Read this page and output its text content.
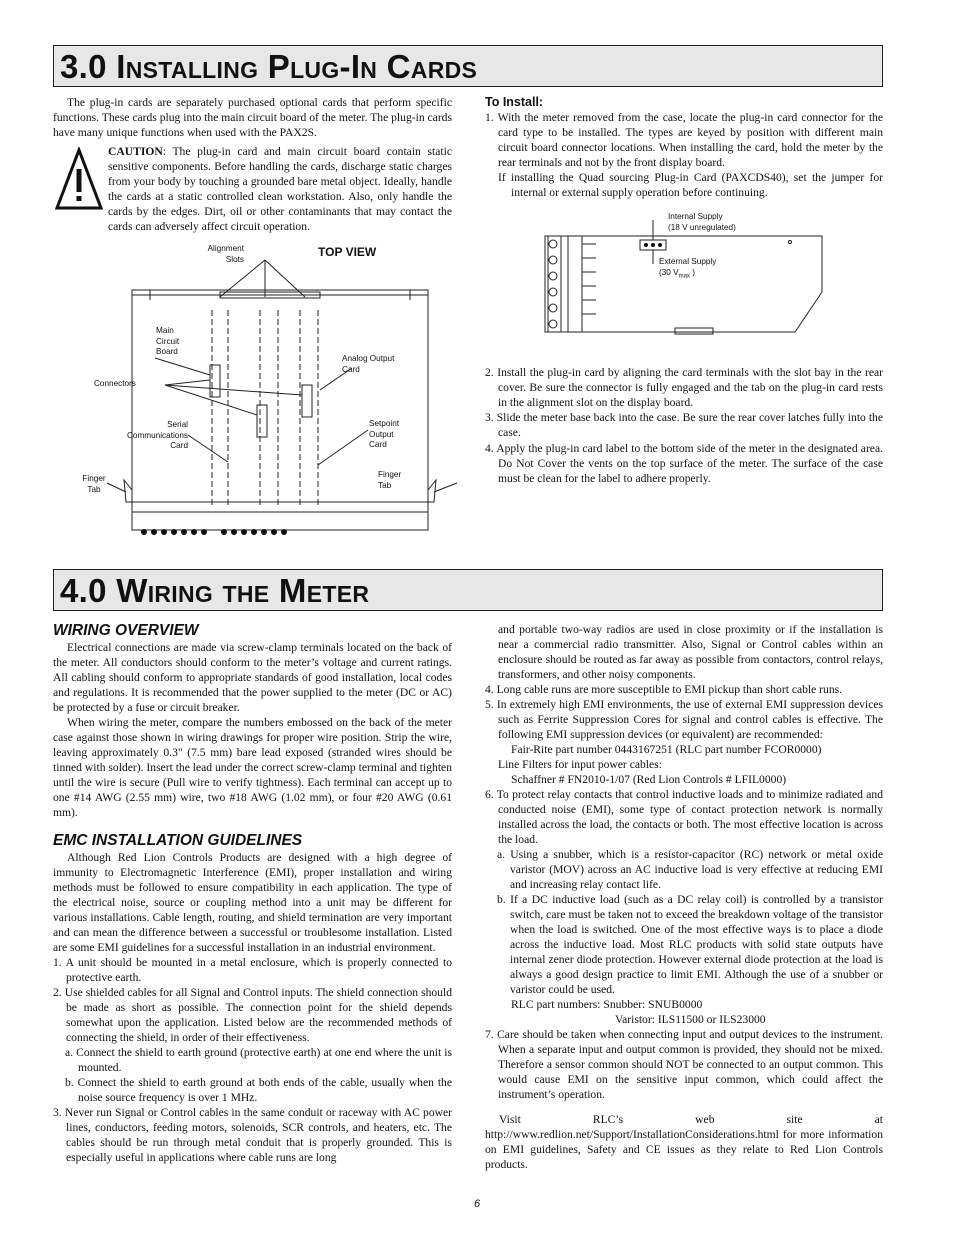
3.0 Installing Plug-In Cards

The plug-in cards are separately purchased optional cards that perform specific functions. These cards plug into the main circuit board of the meter. The plug-in cards have many unique functions when used with the PAX2S.

CAUTION: The plug-in card and main circuit board contain static sensitive components. Before handling the cards, discharge static charges from your body by touching a grounded bare metal object. Ideally, handle the cards at a static controlled clean workstation. Also, only handle the cards by the edges. Dirt, oil or other contaminants that may contact the cards can adversely affect circuit operation.

TOP VIEW
Alignment Slots
Main Circuit Board
Analog Output Card
Connectors
Serial Communications Card
Setpoint Output Card
Finger Tab
Finger Tab

To Install:

1. With the meter removed from the case, locate the plug-in card connector for the card type to be installed. The types are keyed by position with different main circuit board connector locations. When installing the card, hold the meter by the rear terminals and not by the front display board.

If installing the Quad sourcing Plug-in Card (PAXCDS40), set the jumper for internal or external supply operation before continuing.

Internal Supply
(18 V unregulated)
External Supply
(30 $V_{max}$ )

2. Install the plug-in card by aligning the card terminals with the slot bay in the rear cover. Be sure the connector is fully engaged and the tab on the plug-in card rests in the alignment slot on the display board.

3. Slide the meter base back into the case. Be sure the rear cover latches fully into the case.

4. Apply the plug-in card label to the bottom side of the meter in the designated area. Do Not Cover the vents on the top surface of the meter. The surface of the case must be clean for the label to adhere properly.

4.0 Wiring the Meter

WIRING OVERVIEW

Electrical connections are made via screw-clamp terminals located on the back of the meter. All conductors should conform to the meter’s voltage and current ratings. All cabling should conform to appropriate standards of good installation, local codes and regulations. It is recommended that the power supplied to the meter (DC or AC) be protected by a fuse or circuit breaker.

When wiring the meter, compare the numbers embossed on the back of the meter case against those shown in wiring drawings for proper wire position. Strip the wire, leaving approximately 0.3" (7.5 mm) bare lead exposed (stranded wires should be tinned with solder). Insert the lead under the correct screw-clamp terminal and tighten until the wire is secure (Pull wire to verify tightness). Each terminal can accept up to one #14 AWG (2.55 mm) wire, two #18 AWG (1.02 mm), or four #20 AWG (0.61 mm).

EMC INSTALLATION GUIDELINES

Although Red Lion Controls Products are designed with a high degree of immunity to Electromagnetic Interference (EMI), proper installation and wiring methods must be followed to ensure compatibility in each application. The type of the electrical noise, source or coupling method into a unit may be different for various installations. Cable length, routing, and shield termination are very important and can mean the difference between a successful or troublesome installation. Listed are some EMI guidelines for a successful installation in an industrial environment.

1. A unit should be mounted in a metal enclosure, which is properly connected to protective earth.

2. Use shielded cables for all Signal and Control inputs. The shield connection should be made as short as possible. The connection point for the shield depends somewhat upon the application. Listed below are the recommended methods of connecting the shield, in order of their effectiveness.

a. Connect the shield to earth ground (protective earth) at one end where the unit is mounted.

b. Connect the shield to earth ground at both ends of the cable, usually when the noise source frequency is over 1 MHz.

3. Never run Signal or Control cables in the same conduit or raceway with AC power lines, conductors, feeding motors, solenoids, SCR controls, and heaters, etc. The cables should be run through metal conduit that is properly grounded. This is especially useful in applications where cable runs are long

and portable two-way radios are used in close proximity or if the installation is near a commercial radio transmitter. Also, Signal or Control cables within an enclosure should be routed as far away as possible from contactors, control relays, transformers, and other noisy components.

4. Long cable runs are more susceptible to EMI pickup than short cable runs.

5. In extremely high EMI environments, the use of external EMI suppression devices such as Ferrite Suppression Cores for signal and control cables is effective. The following EMI suppression devices (or equivalent) are recommended:

Fair-Rite part number 0443167251 (RLC part number FCOR0000)

Line Filters for input power cables:

Schaffner # FN2010-1/07 (Red Lion Controls # LFIL0000)

6. To protect relay contacts that control inductive loads and to minimize radiated and conducted noise (EMI), some type of contact protection network is normally installed across the load, the contacts or both. The most effective location is across the load.

a. Using a snubber, which is a resistor-capacitor (RC) network or metal oxide varistor (MOV) across an AC inductive load is very effective at reducing EMI and increasing relay contact life.

b. If a DC inductive load (such as a DC relay coil) is controlled by a transistor switch, care must be taken not to exceed the breakdown voltage of the transistor when the load is switched. One of the most effective ways is to place a diode across the inductive load. Most RLC products with solid state outputs have internal zener diode protection. However external diode protection at the load is always a good design practice to limit EMI. Although the use of a snubber or varistor could be used.

RLC part numbers: Snubber: SNUB0000

Varistor: ILS11500 or ILS23000

7. Care should be taken when connecting input and output devices to the instrument. When a separate input and output common is provided, they should not be mixed. Therefore a sensor common should NOT be connected to an output common. This would cause EMI on the sensitive input common, which could affect the instrument’s operation.

Visit RLC’s web site at http://www.redlion.net/Support/InstallationConsiderations.html for more information on EMI guidelines, Safety and CE issues as they relate to Red Lion Controls products.

6
